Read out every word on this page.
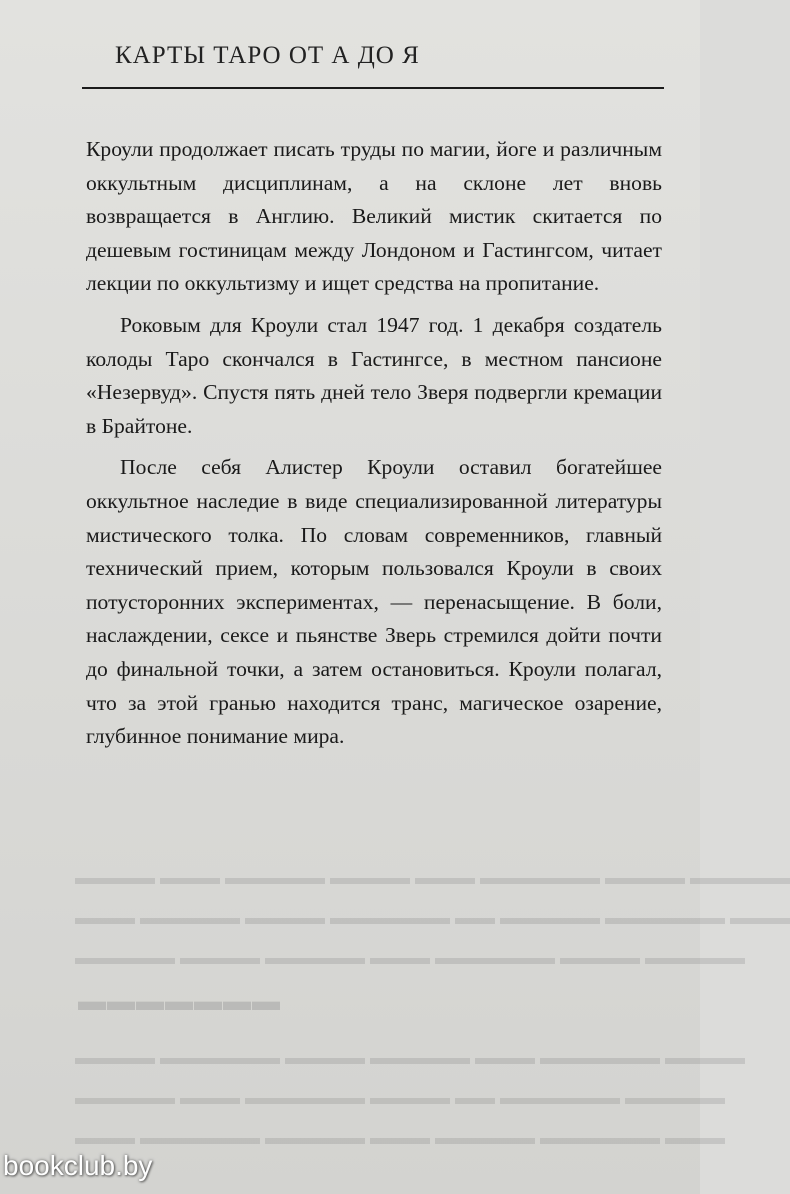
КАРТЫ ТАРО ОТ А ДО Я

Кроули продолжает писать труды по магии, йоге и различным оккультным дисциплинам, а на склоне лет вновь возвращается в Англию. Великий мистик скитается по дешевым гостиницам между Лондоном и Гастингсом, читает лекции по оккультизму и ищет средства на пропитание.

Роковым для Кроули стал 1947 год. 1 декабря создатель колоды Таро скончался в Гастингсе, в местном пансионе «Незервуд». Спустя пять дней тело Зверя подвергли кремации в Брайтоне.

После себя Алистер Кроули оставил богатейшее оккультное наследие в виде специализированной литературы мистического толка. По словам современников, главный технический прием, которым пользовался Кроули в своих потусторонних экспериментах, — перенасыщение. В боли, наслаждении, сексе и пьянстве Зверь стремился дойти почти до финальной точки, а затем остановиться. Кроули полагал, что за этой гранью находится транс, магическое озарение, глубинное понимание мира.

▬▬▬▬ ▬▬▬ ▬▬▬▬▬ ▬▬▬▬ ▬▬▬ ▬▬▬▬▬▬ ▬▬▬▬ ▬▬▬▬▬
▬▬▬ ▬▬▬▬▬ ▬▬▬▬ ▬▬▬▬▬▬ ▬▬ ▬▬▬▬▬ ▬▬▬▬▬▬ ▬▬▬
▬▬▬▬▬ ▬▬▬▬ ▬▬▬▬▬ ▬▬▬ ▬▬▬▬▬▬ ▬▬▬▬ ▬▬▬▬▬
▬▬▬▬▬▬▬
▬▬▬▬ ▬▬▬▬▬▬ ▬▬▬▬ ▬▬▬▬▬ ▬▬▬ ▬▬▬▬▬▬ ▬▬▬▬
▬▬▬▬▬ ▬▬▬ ▬▬▬▬▬▬ ▬▬▬▬ ▬▬ ▬▬▬▬▬▬ ▬▬▬▬▬
▬▬▬ ▬▬▬▬▬▬ ▬▬▬▬▬ ▬▬▬ ▬▬▬▬▬ ▬▬▬▬▬▬ ▬▬▬
bookclub.by
